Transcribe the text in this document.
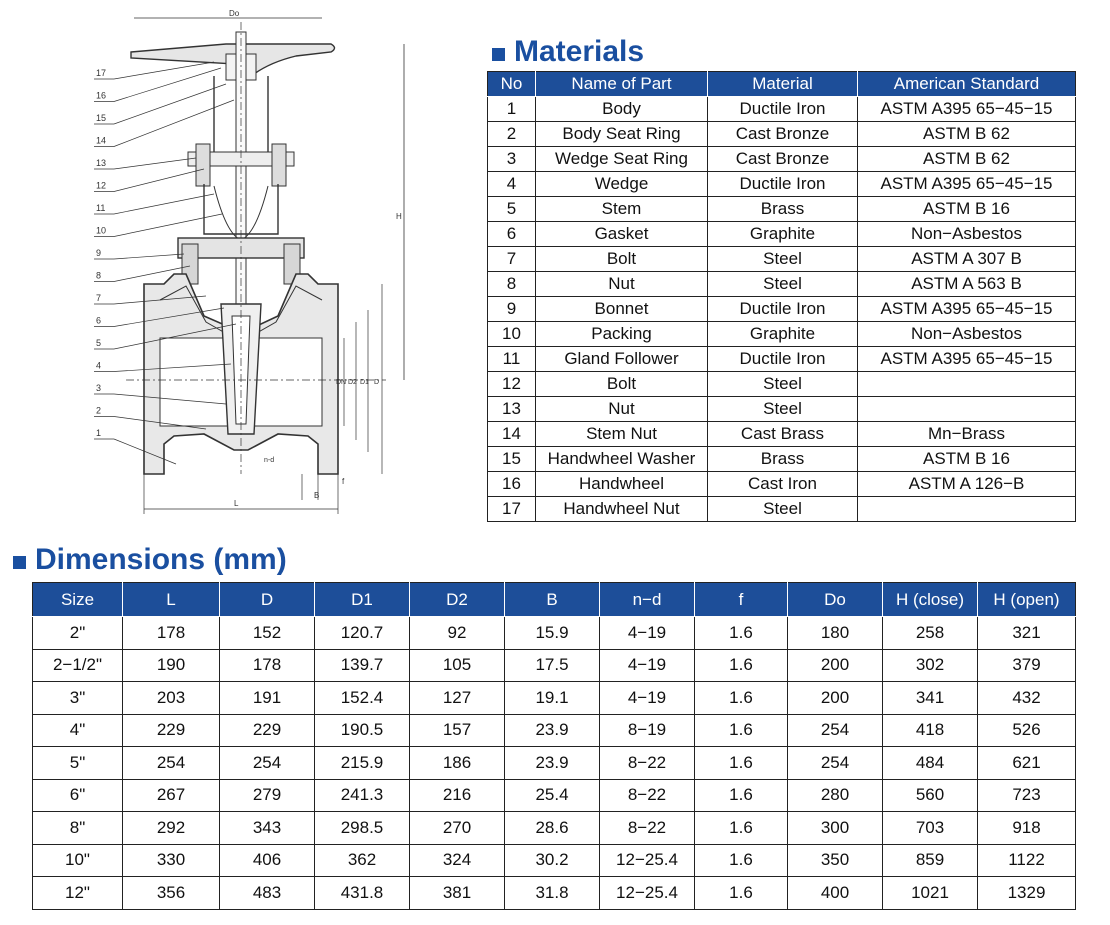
Do
H
DN D2 D1 D
n-d
f
B
L
17
16
15
14
13
12
11
10
9
8
7
6
5
4
3
2
1
Materials
No	Name of Part	Material	American Standard
1	Body	Ductile Iron	ASTM A395 65−45−15
2	Body Seat Ring	Cast Bronze	ASTM B 62
3	Wedge Seat Ring	Cast Bronze	ASTM B 62
4	Wedge	Ductile Iron	ASTM A395 65−45−15
5	Stem	Brass	ASTM B 16
6	Gasket	Graphite	Non−Asbestos
7	Bolt	Steel	ASTM A 307 B
8	Nut	Steel	ASTM A 563 B
9	Bonnet	Ductile Iron	ASTM A395 65−45−15
10	Packing	Graphite	Non−Asbestos
11	Gland Follower	Ductile Iron	ASTM A395 65−45−15
12	Bolt	Steel	
13	Nut	Steel	
14	Stem Nut	Cast Brass	Mn−Brass
15	Handwheel Washer	Brass	ASTM B 16
16	Handwheel	Cast Iron	ASTM A 126−B
17	Handwheel Nut	Steel	
Dimensions (mm)
Size	L	D	D1	D2	B	n−d	f	Do	H (close)	H (open)
2"	178	152	120.7	92	15.9	4−19	1.6	180	258	321
2−1/2"	190	178	139.7	105	17.5	4−19	1.6	200	302	379
3"	203	191	152.4	127	19.1	4−19	1.6	200	341	432
4"	229	229	190.5	157	23.9	8−19	1.6	254	418	526
5"	254	254	215.9	186	23.9	8−22	1.6	254	484	621
6"	267	279	241.3	216	25.4	8−22	1.6	280	560	723
8"	292	343	298.5	270	28.6	8−22	1.6	300	703	918
10"	330	406	362	324	30.2	12−25.4	1.6	350	859	1122
12"	356	483	431.8	381	31.8	12−25.4	1.6	400	1021	1329
